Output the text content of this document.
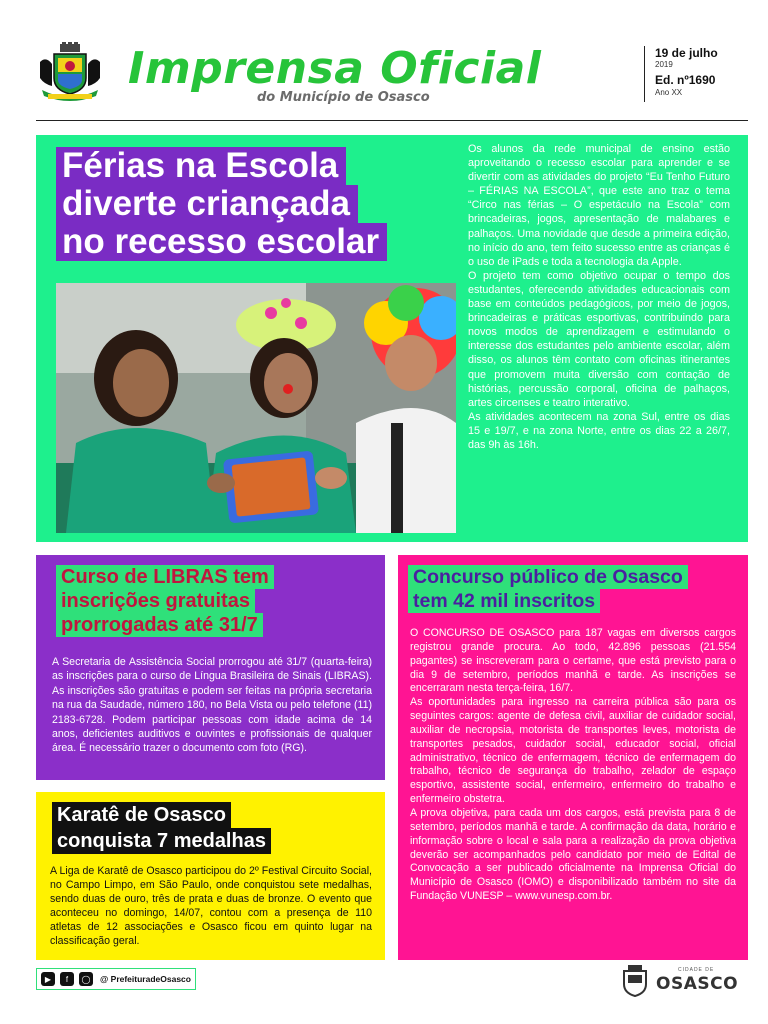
Imprensa Oficial
do Município de Osasco
19 de julho
2019
Ed. nº1690
Ano XX
Férias na Escola
diverte criançada
no recesso escolar

Os alunos da rede municipal de ensino estão aproveitando o recesso escolar para aprender e se divertir com as atividades do projeto “Eu Tenho Futuro – FÉRIAS NA ESCOLA”, que este ano traz o tema “Circo nas férias – O espetáculo na Escola” com brincadeiras, jogos, apresentação de malabares e palhaços. Uma novidade que desde a primeira edição, no início do ano, tem feito sucesso entre as crianças é o uso de iPads e toda a tecnologia da Apple.

O projeto tem como objetivo ocupar o tempo dos estudantes, oferecendo atividades educacionais com base em conteúdos pedagógicos, por meio de jogos, brincadeiras e práticas esportivas, contribuindo para novos modos de aprendizagem e estimulando o interesse dos estudantes pelo ambiente escolar, além disso, os alunos têm contato com oficinas itinerantes que promovem muita diversão com contação de histórias, percussão corporal, oficina de palhaços, artes circenses e teatro interativo.

As atividades acontecem na zona Sul, entre os dias 15 e 19/7, e na zona Norte, entre os dias 22 a 26/7, das 9h às 16h.

Curso de LIBRAS tem
inscrições gratuitas
prorrogadas até 31/7
A Secretaria de Assistência Social prorrogou até 31/7 (quarta-feira) as inscrições para o curso de Língua Brasileira de Sinais (LIBRAS). As inscrições são gratuitas e podem ser feitas na própria secretaria na rua da Saudade, número 180, no Bela Vista ou pelo telefone (11) 2183-6728. Podem participar pessoas com idade acima de 14 anos, deficientes auditivos e ouvintes e profissionais de qualquer área. É necessário trazer o documento com foto (RG).
Karatê de Osasco
conquista 7 medalhas
A Liga de Karatê de Osasco participou do 2º Festival Circuito Social, no Campo Limpo, em São Paulo, onde conquistou sete medalhas, sendo duas de ouro, três de prata e duas de bronze. O evento que aconteceu no domingo, 14/07, contou com a presença de 110 atletas de 12 associações e Osasco ficou em quinto lugar na classificação geral.
Concurso público de Osasco
tem 42 mil inscritos

O CONCURSO DE OSASCO para 187 vagas em diversos cargos registrou grande procura. Ao todo, 42.896 pessoas (21.554 pagantes) se inscreveram para o certame, que está previsto para o dia 9 de setembro, períodos manhã e tarde. As inscrições se encerraram nesta terça-feira, 16/7.

As oportunidades para ingresso na carreira pública são para os seguintes cargos: agente de defesa civil, auxiliar de cuidador social, auxiliar de necropsia, motorista de transportes leves, motorista de transportes pesados, cuidador social, educador social, oficial administrativo, técnico de enfermagem, técnico de enfermagem do trabalho, técnico de segurança do trabalho, zelador de espaço esportivo, assistente social, enfermeiro, enfermeiro do trabalho e enfermeiro obstetra.

A prova objetiva, para cada um dos cargos, está prevista para 8 de setembro, períodos manhã e tarde. A confirmação da data, horário e informação sobre o local e sala para a realização da prova objetiva deverão ser acompanhados pelo candidato por meio de Edital de Convocação a ser publicado oficialmente na Imprensa Oficial do Município de Osasco (IOMO) e disponibilizado também no site da Fundação VUNESP – www.vunesp.com.br.

▶	f	◯ @ PrefeituradeOsasco
CIDADE DE
OSASCO
